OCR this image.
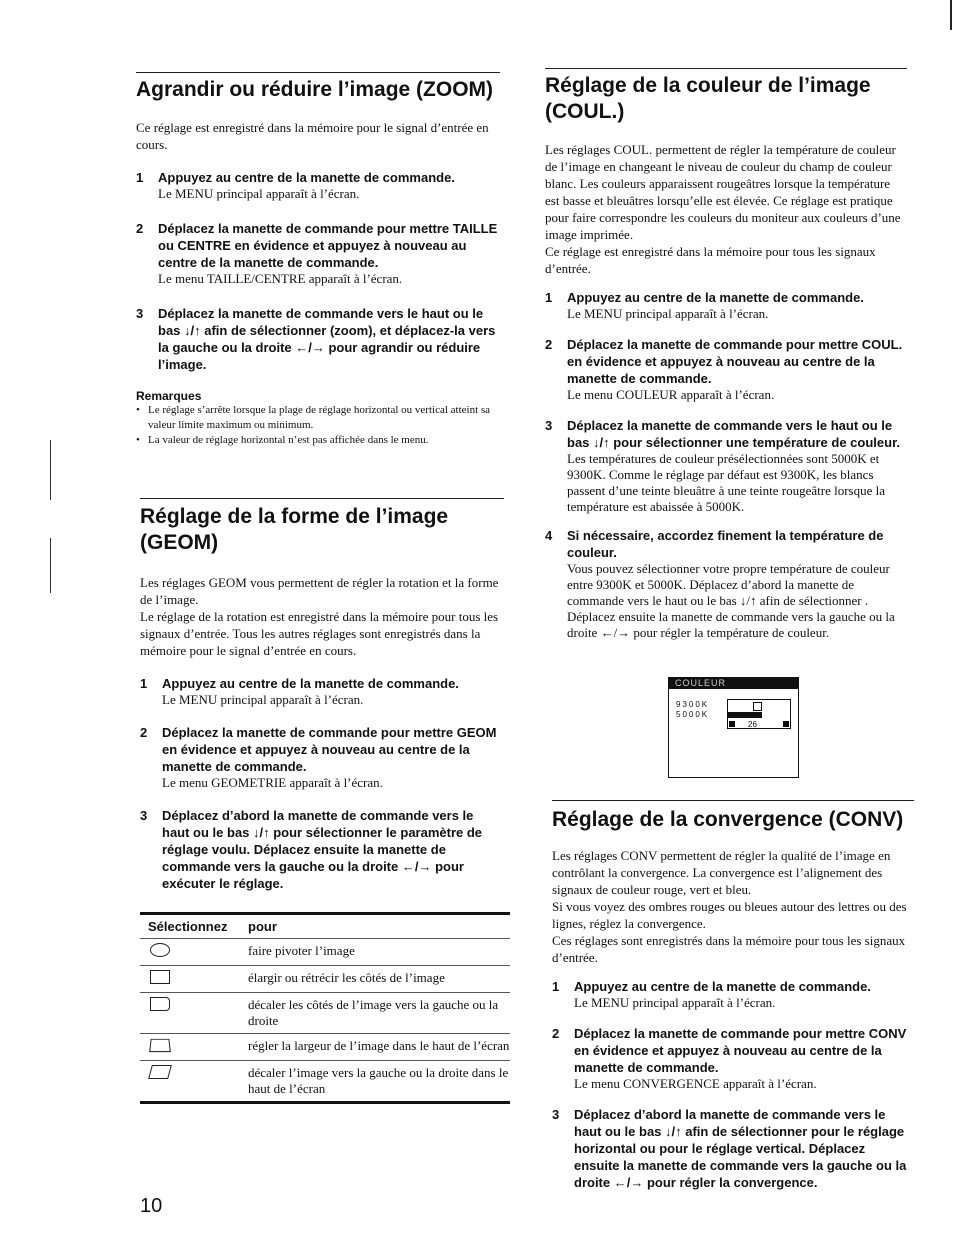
Agrandir ou réduire l’image (ZOOM)

Ce réglage est enregistré dans la mémoire pour le signal d’entrée en cours.

1 Appuyez au centre de la manette de commande.
Le MENU principal apparaît à l’écran.
2 Déplacez la manette de commande pour mettre TAILLE ou CENTRE en évidence et appuyez à nouveau au centre de la manette de commande.
Le menu TAILLE/CENTRE apparaît à l’écran.
3 Déplacez la manette de commande vers le haut ou le bas ↓/↑ afin de sélectionner (zoom), et déplacez-la vers la gauche ou la droite ←/→ pour agrandir ou réduire l’image.
Remarques
• Le réglage s’arrête lorsque la plage de réglage horizontal ou vertical atteint sa valeur limite maximum ou minimum.
• La valeur de réglage horizontal n’est pas affichée dans le menu.
Réglage de la forme de l’image (GEOM)

Les réglages GEOM vous permettent de régler la rotation et la forme de l’image.

Le réglage de la rotation est enregistré dans la mémoire pour tous les signaux d’entrée. Tous les autres réglages sont enregistrés dans la mémoire pour le signal d’entrée en cours.

1 Appuyez au centre de la manette de commande.
Le MENU principal apparaît à l’écran.
2 Déplacez la manette de commande pour mettre GEOM en évidence et appuyez à nouveau au centre de la manette de commande.
Le menu GEOMETRIE apparaît à l’écran.
3 Déplacez d’abord la manette de commande vers le haut ou le bas ↓/↑ pour sélectionner le paramètre de réglage voulu. Déplacez ensuite la manette de commande vers la gauche ou la droite ←/→ pour exécuter le réglage.
Sélectionnez	pour
	faire pivoter l’image
	élargir ou rétrécir les côtés de l’image
	décaler les côtés de l’image vers la gauche ou la droite
	régler la largeur de l’image dans le haut de l’écran
	décaler l’image vers la gauche ou la droite dans le haut de l’écran
10
Réglage de la couleur de l’image (COUL.)

Les réglages COUL. permettent de régler la température de couleur de l’image en changeant le niveau de couleur du champ de couleur blanc. Les couleurs apparaissent rougeâtres lorsque la température est basse et bleuâtres lorsqu’elle est élevée. Ce réglage est pratique pour faire correspondre les couleurs du moniteur aux couleurs d’une image imprimée.

Ce réglage est enregistré dans la mémoire pour tous les signaux d’entrée.

1 Appuyez au centre de la manette de commande.
Le MENU principal apparaît à l’écran.
2 Déplacez la manette de commande pour mettre COUL. en évidence et appuyez à nouveau au centre de la manette de commande.
Le menu COULEUR apparaît à l’écran.
3 Déplacez la manette de commande vers le haut ou le bas ↓/↑ pour sélectionner une température de couleur.
Les températures de couleur présélectionnées sont 5000K et 9300K. Comme le réglage par défaut est 9300K, les blancs passent d’une teinte bleuâtre à une teinte rougeâtre lorsque la température est abaissée à 5000K.
4 Si nécessaire, accordez finement la température de couleur.
Vous pouvez sélectionner votre propre température de couleur entre 9300K et 5000K. Déplacez d’abord la manette de commande vers le haut ou le bas ↓/↑ afin de sélectionner . Déplacez ensuite la manette de commande vers la gauche ou la droite ←/→ pour régler la température de couleur.
COULEUR
9300K
5000K
26
Réglage de la convergence (CONV)

Les réglages CONV permettent de régler la qualité de l’image en contrôlant la convergence. La convergence est l’alignement des signaux de couleur rouge, vert et bleu.

Si vous voyez des ombres rouges ou bleues autour des lettres ou des lignes, réglez la convergence.

Ces réglages sont enregistrés dans la mémoire pour tous les signaux d’entrée.

1 Appuyez au centre de la manette de commande.
Le MENU principal apparaît à l’écran.
2 Déplacez la manette de commande pour mettre CONV en évidence et appuyez à nouveau au centre de la manette de commande.
Le menu CONVERGENCE apparaît à l’écran.
3 Déplacez d’abord la manette de commande vers le haut ou le bas ↓/↑ afin de sélectionner pour le réglage horizontal ou pour le réglage vertical. Déplacez ensuite la manette de commande vers la gauche ou la droite ←/→ pour régler la convergence.
